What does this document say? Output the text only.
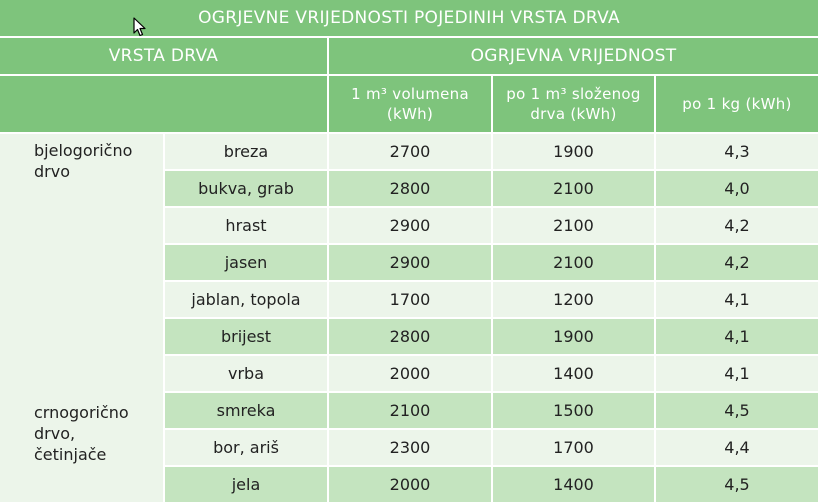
OGRJEVNE VRIJEDNOSTI POJEDINIH VRSTA DRVA				
VRSTA DRVA		OGRJEVNA VRIJEDNOST		
		1 m³ volumena (kWh)	po 1 m³ složenog drva (kWh)	po 1 kg (kWh)

bjelogorično
drvo	breza	2700	1900	4,3
	bukva, grab	2800	2100	4,0
	hrast	2900	2100	4,2
	jasen	2900	2100	4,2
	jablan, topola	1700	1200	4,1
	brijest	2800	1900	4,1
	vrba	2000	1400	4,1

crnogorično
drvo,
četinjače	smreka	2100	1500	4,5
	bor, ariš	2300	1700	4,4
	jela	2000	1400	4,5
